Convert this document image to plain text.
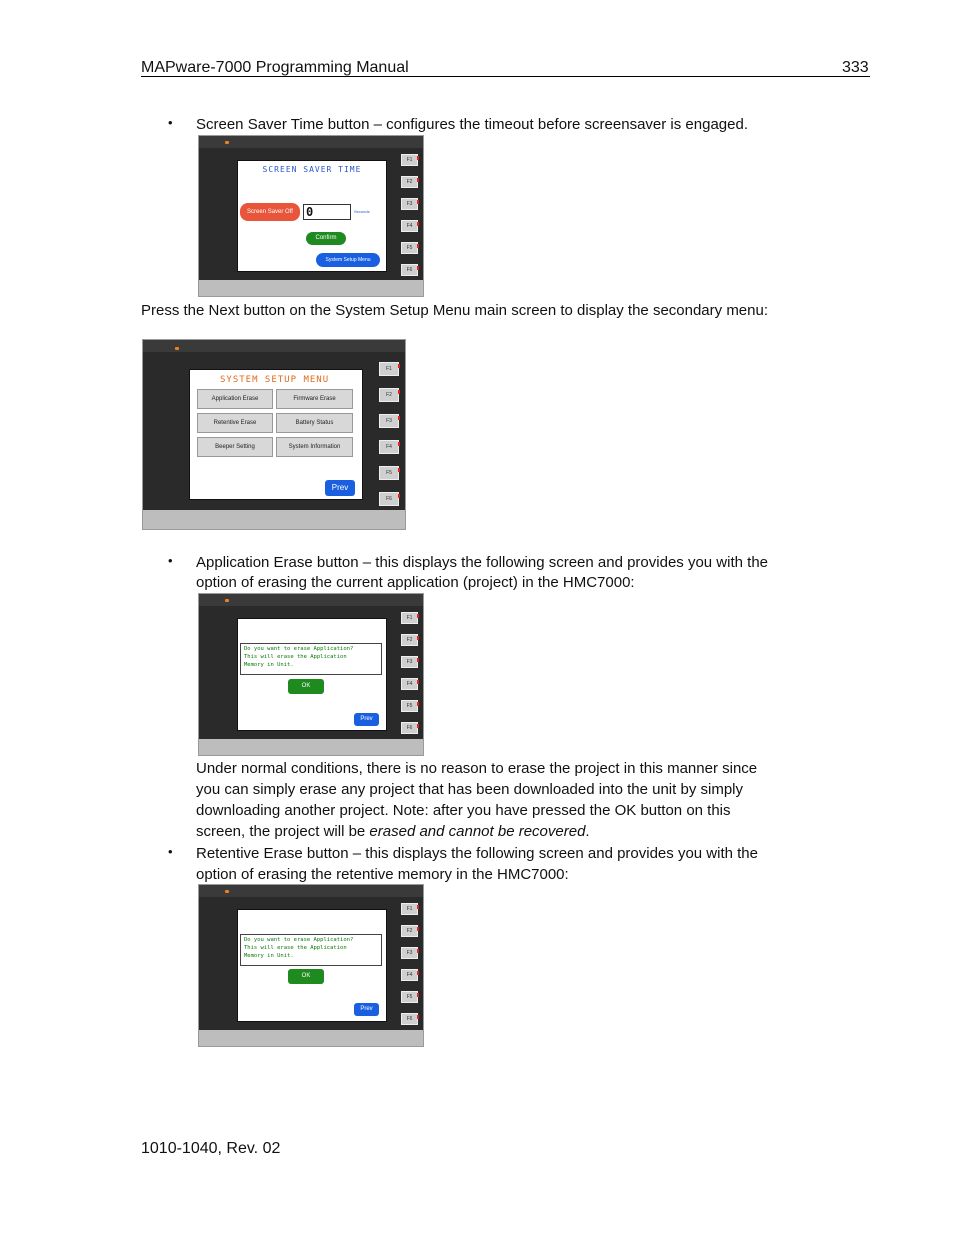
MAPware-7000 Programming Manual	333
• Screen Saver Time button – configures the timeout before screensaver is engaged.
SCREEN SAVER TIME
Screen Saver Off	0	Seconds
Confirm
System Setup Menu
F1
F2
F3
F4
F5
F6
Press the Next button on the System Setup Menu main screen to display the secondary menu:
SYSTEM SETUP MENU
Application Erase	Firmware Erase
Retentive Erase	Battery Status
Beeper Setting	System Information
Prev
F1
F2
F3
F4
F5
F6
• Application Erase button – this displays the following screen and provides you with the
option of erasing the current application (project) in the HMC7000:
Do you want to erase Application?
This will erase the Application
Memory in Unit.
OK
Prev
F1
F2
F3
F4
F5
F6
Under normal conditions, there is no reason to erase the project in this manner since
you can simply erase any project that has been downloaded into the unit by simply
downloading another project. Note: after you have pressed the OK button on this
screen, the project will be erased and cannot be recovered.
• Retentive Erase button – this displays the following screen and provides you with the
option of erasing the retentive memory in the HMC7000:
Do you want to erase Application?
This will erase the Application
Memory in Unit.
OK
Prev
F1
F2
F3
F4
F5
F6
1010-1040, Rev. 02
